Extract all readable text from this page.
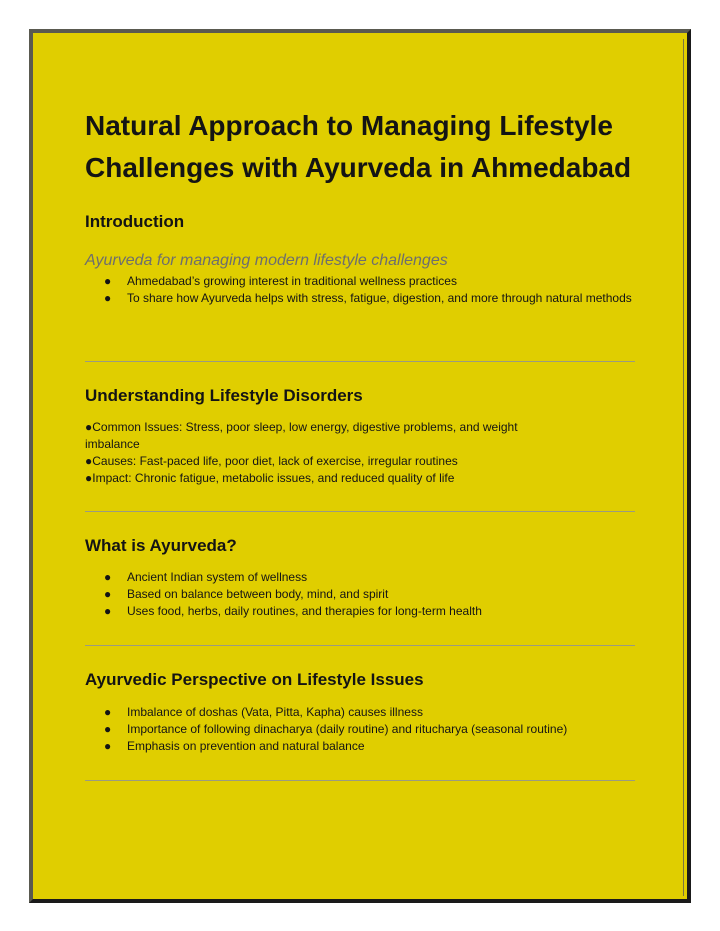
Natural Approach to Managing Lifestyle Challenges with Ayurveda in Ahmedabad
Introduction
Ayurveda for managing modern lifestyle challenges
● Ahmedabad’s growing interest in traditional wellness practices
● To share how Ayurveda helps with stress, fatigue, digestion, and more through natural methods
Understanding Lifestyle Disorders
●Common Issues: Stress, poor sleep, low energy, digestive problems, and weight imbalance
●Causes: Fast-paced life, poor diet, lack of exercise, irregular routines
●Impact: Chronic fatigue, metabolic issues, and reduced quality of life
What is Ayurveda?
● Ancient Indian system of wellness
● Based on balance between body, mind, and spirit
● Uses food, herbs, daily routines, and therapies for long-term health
Ayurvedic Perspective on Lifestyle Issues
● Imbalance of doshas (Vata, Pitta, Kapha) causes illness
● Importance of following dinacharya (daily routine) and ritucharya (seasonal routine)
● Emphasis on prevention and natural balance
